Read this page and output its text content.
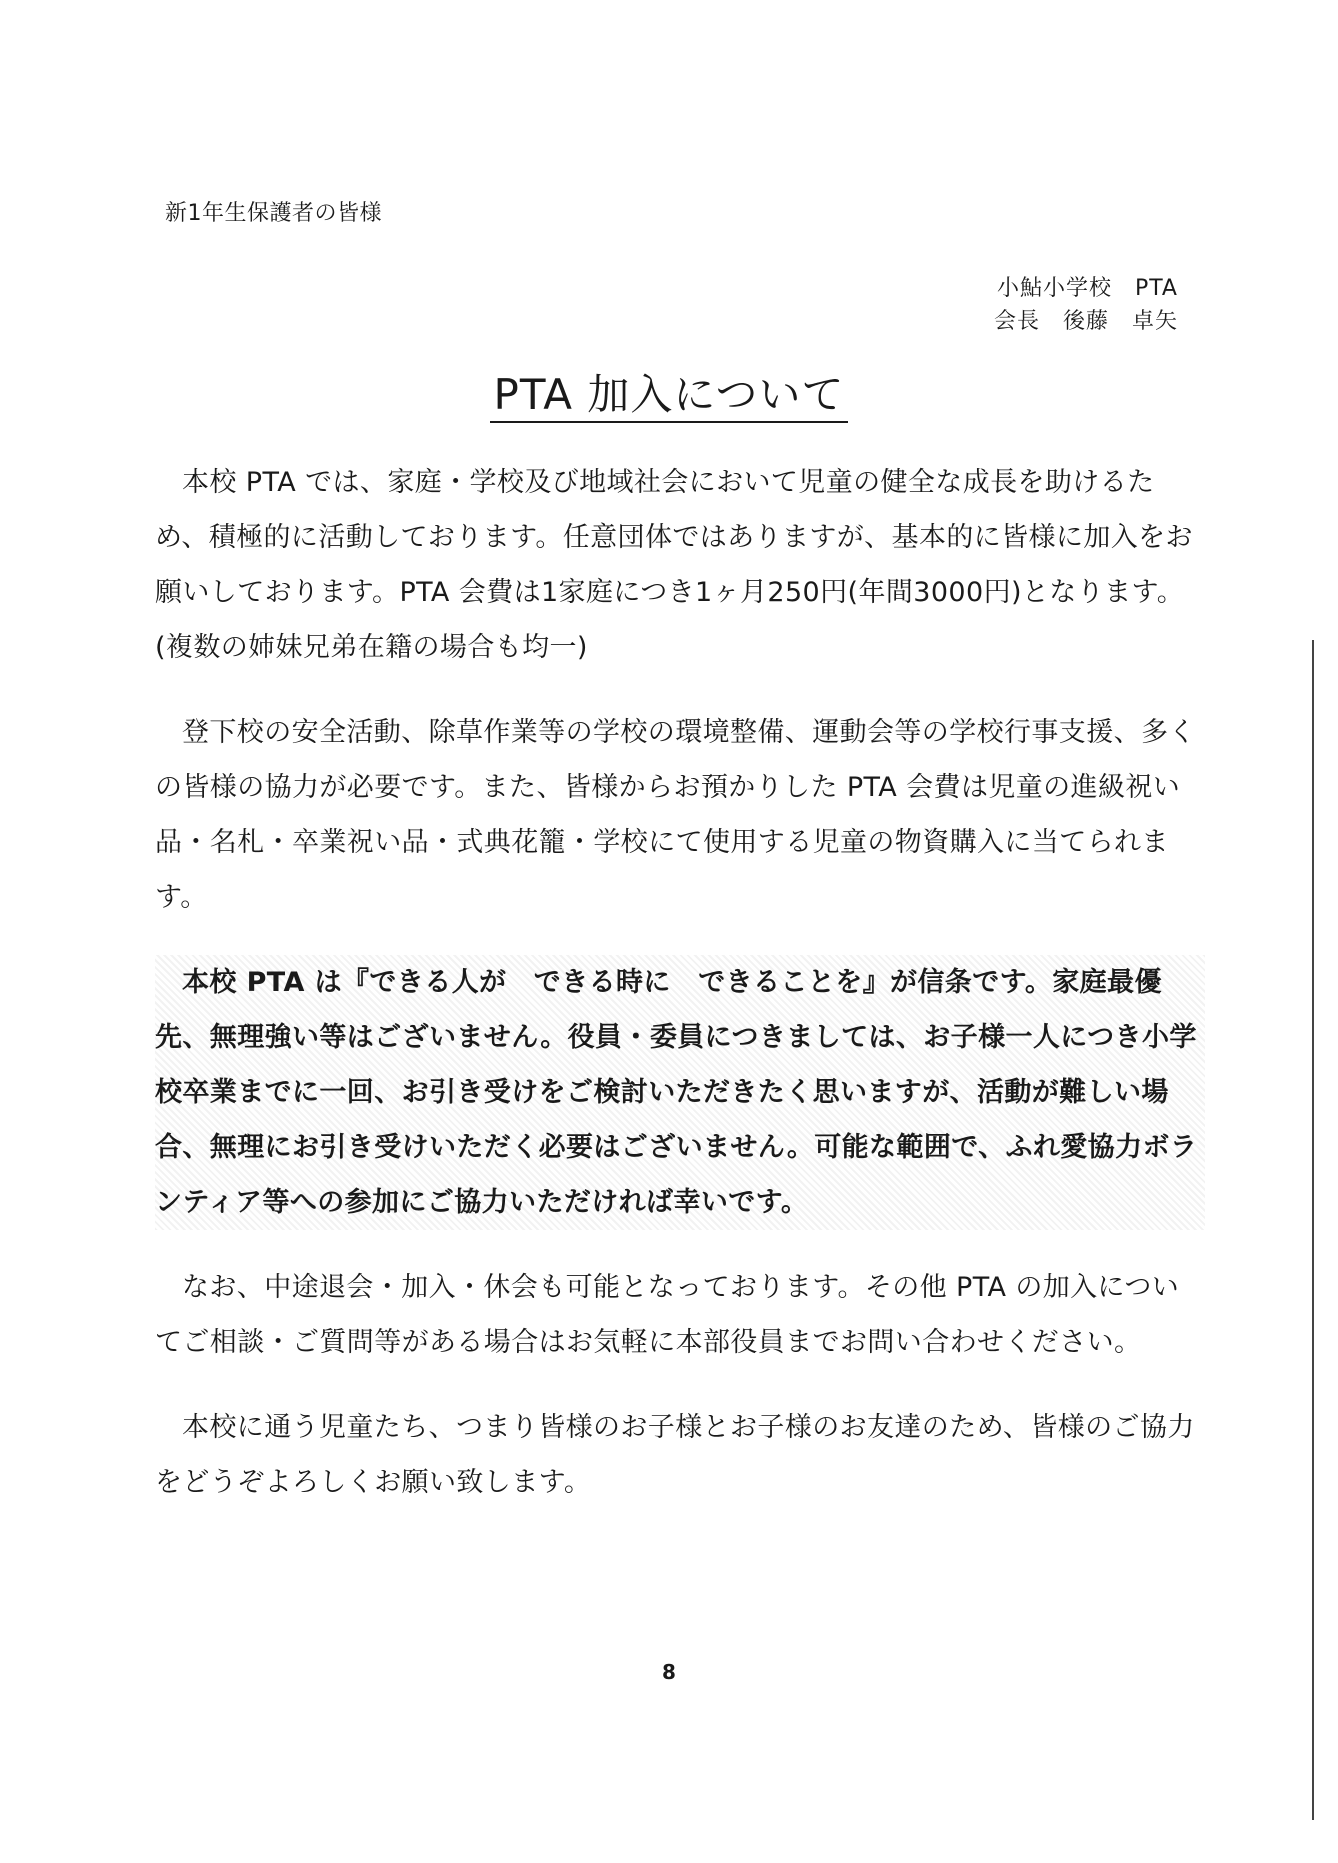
新1年生保護者の皆様
小鮎小学校　PTA
会長　後藤　卓矢
PTA 加入について

本校 PTA では、家庭・学校及び地域社会において児童の健全な成長を助けるため、積極的に活動しております。任意団体ではありますが、基本的に皆様に加入をお願いしております。PTA 会費は1家庭につき1ヶ月250円(年間3000円)となります。(複数の姉妹兄弟在籍の場合も均一)

登下校の安全活動、除草作業等の学校の環境整備、運動会等の学校行事支援、多くの皆様の協力が必要です。また、皆様からお預かりした PTA 会費は児童の進級祝い品・名札・卒業祝い品・式典花籠・学校にて使用する児童の物資購入に当てられます。

本校 PTA は『できる人が　できる時に　できることを』が信条です。家庭最優先、無理強い等はございません。役員・委員につきましては、お子様一人につき小学校卒業までに一回、お引き受けをご検討いただきたく思いますが、活動が難しい場合、無理にお引き受けいただく必要はございません。可能な範囲で、ふれ愛協力ボランティア等への参加にご協力いただければ幸いです。

なお、中途退会・加入・休会も可能となっております。その他 PTA の加入についてご相談・ご質問等がある場合はお気軽に本部役員までお問い合わせください。

本校に通う児童たち、つまり皆様のお子様とお子様のお友達のため、皆様のご協力をどうぞよろしくお願い致します。

8
